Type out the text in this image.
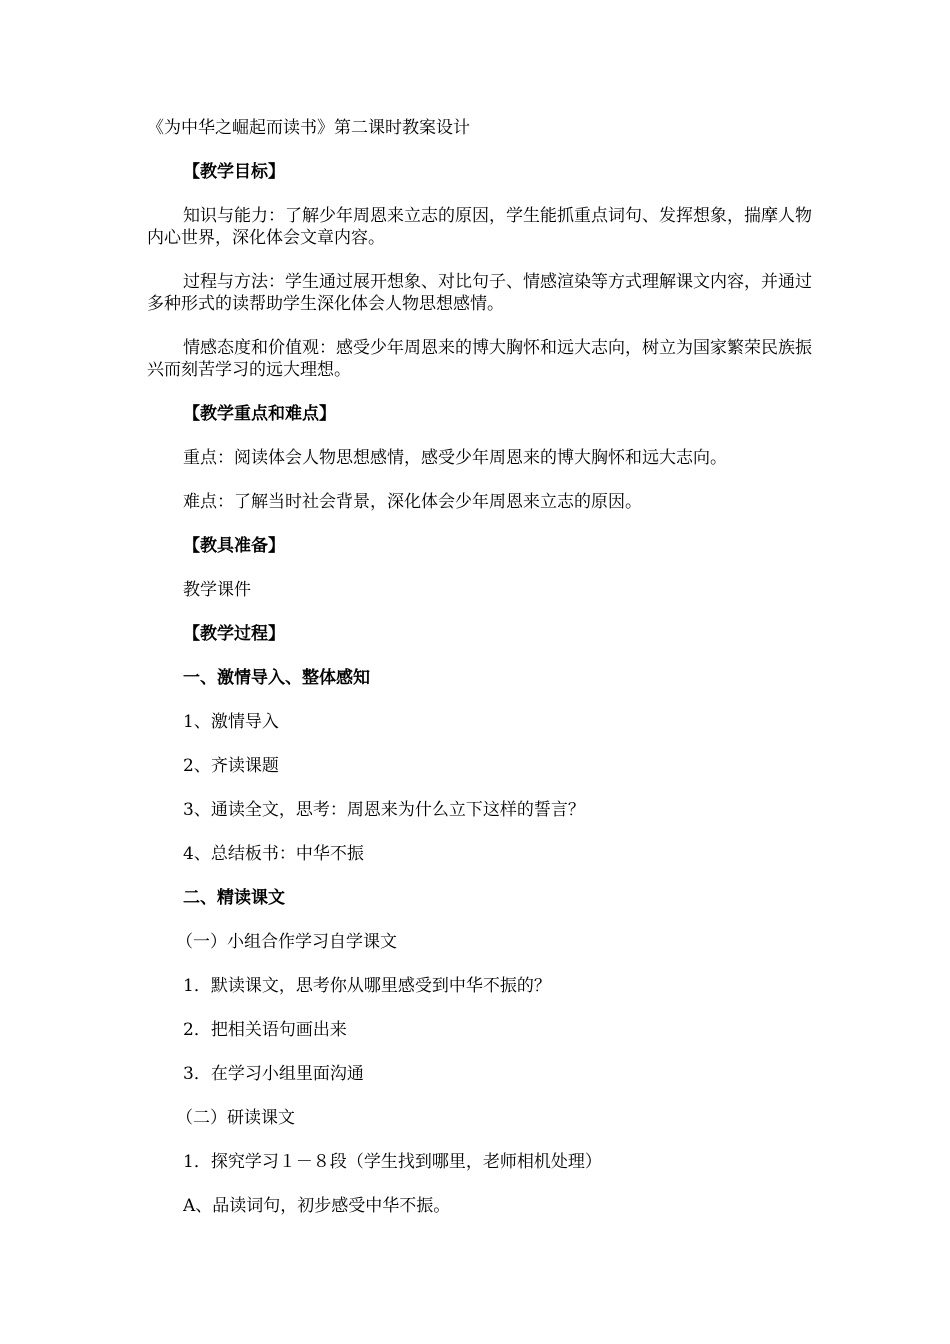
《为中华之崛起而读书》第二课时教案设计
【教学目标】
知识与能力：了解少年周恩来立志的原因，学生能抓重点词句、发挥想象，揣摩人物内心世界，深化体会文章内容。
过程与方法：学生通过展开想象、对比句子、情感渲染等方式理解课文内容，并通过多种形式的读帮助学生深化体会人物思想感情。
情感态度和价值观：感受少年周恩来的博大胸怀和远大志向，树立为国家繁荣民族振兴而刻苦学习的远大理想。
【教学重点和难点】
重点：阅读体会人物思想感情，感受少年周恩来的博大胸怀和远大志向。
难点：了解当时社会背景，深化体会少年周恩来立志的原因。
【教具准备】
教学课件
【教学过程】
一、激情导入、整体感知
1、激情导入
2、齐读课题
3、通读全文，思考：周恩来为什么立下这样的誓言？
4、总结板书：中华不振
二、精读课文
（一）小组合作学习自学课文
1．默读课文，思考你从哪里感受到中华不振的？
2．把相关语句画出来
3．在学习小组里面沟通
（二）研读课文
1．探究学习１－８段（学生找到哪里，老师相机处理）
A、品读词句，初步感受中华不振。
